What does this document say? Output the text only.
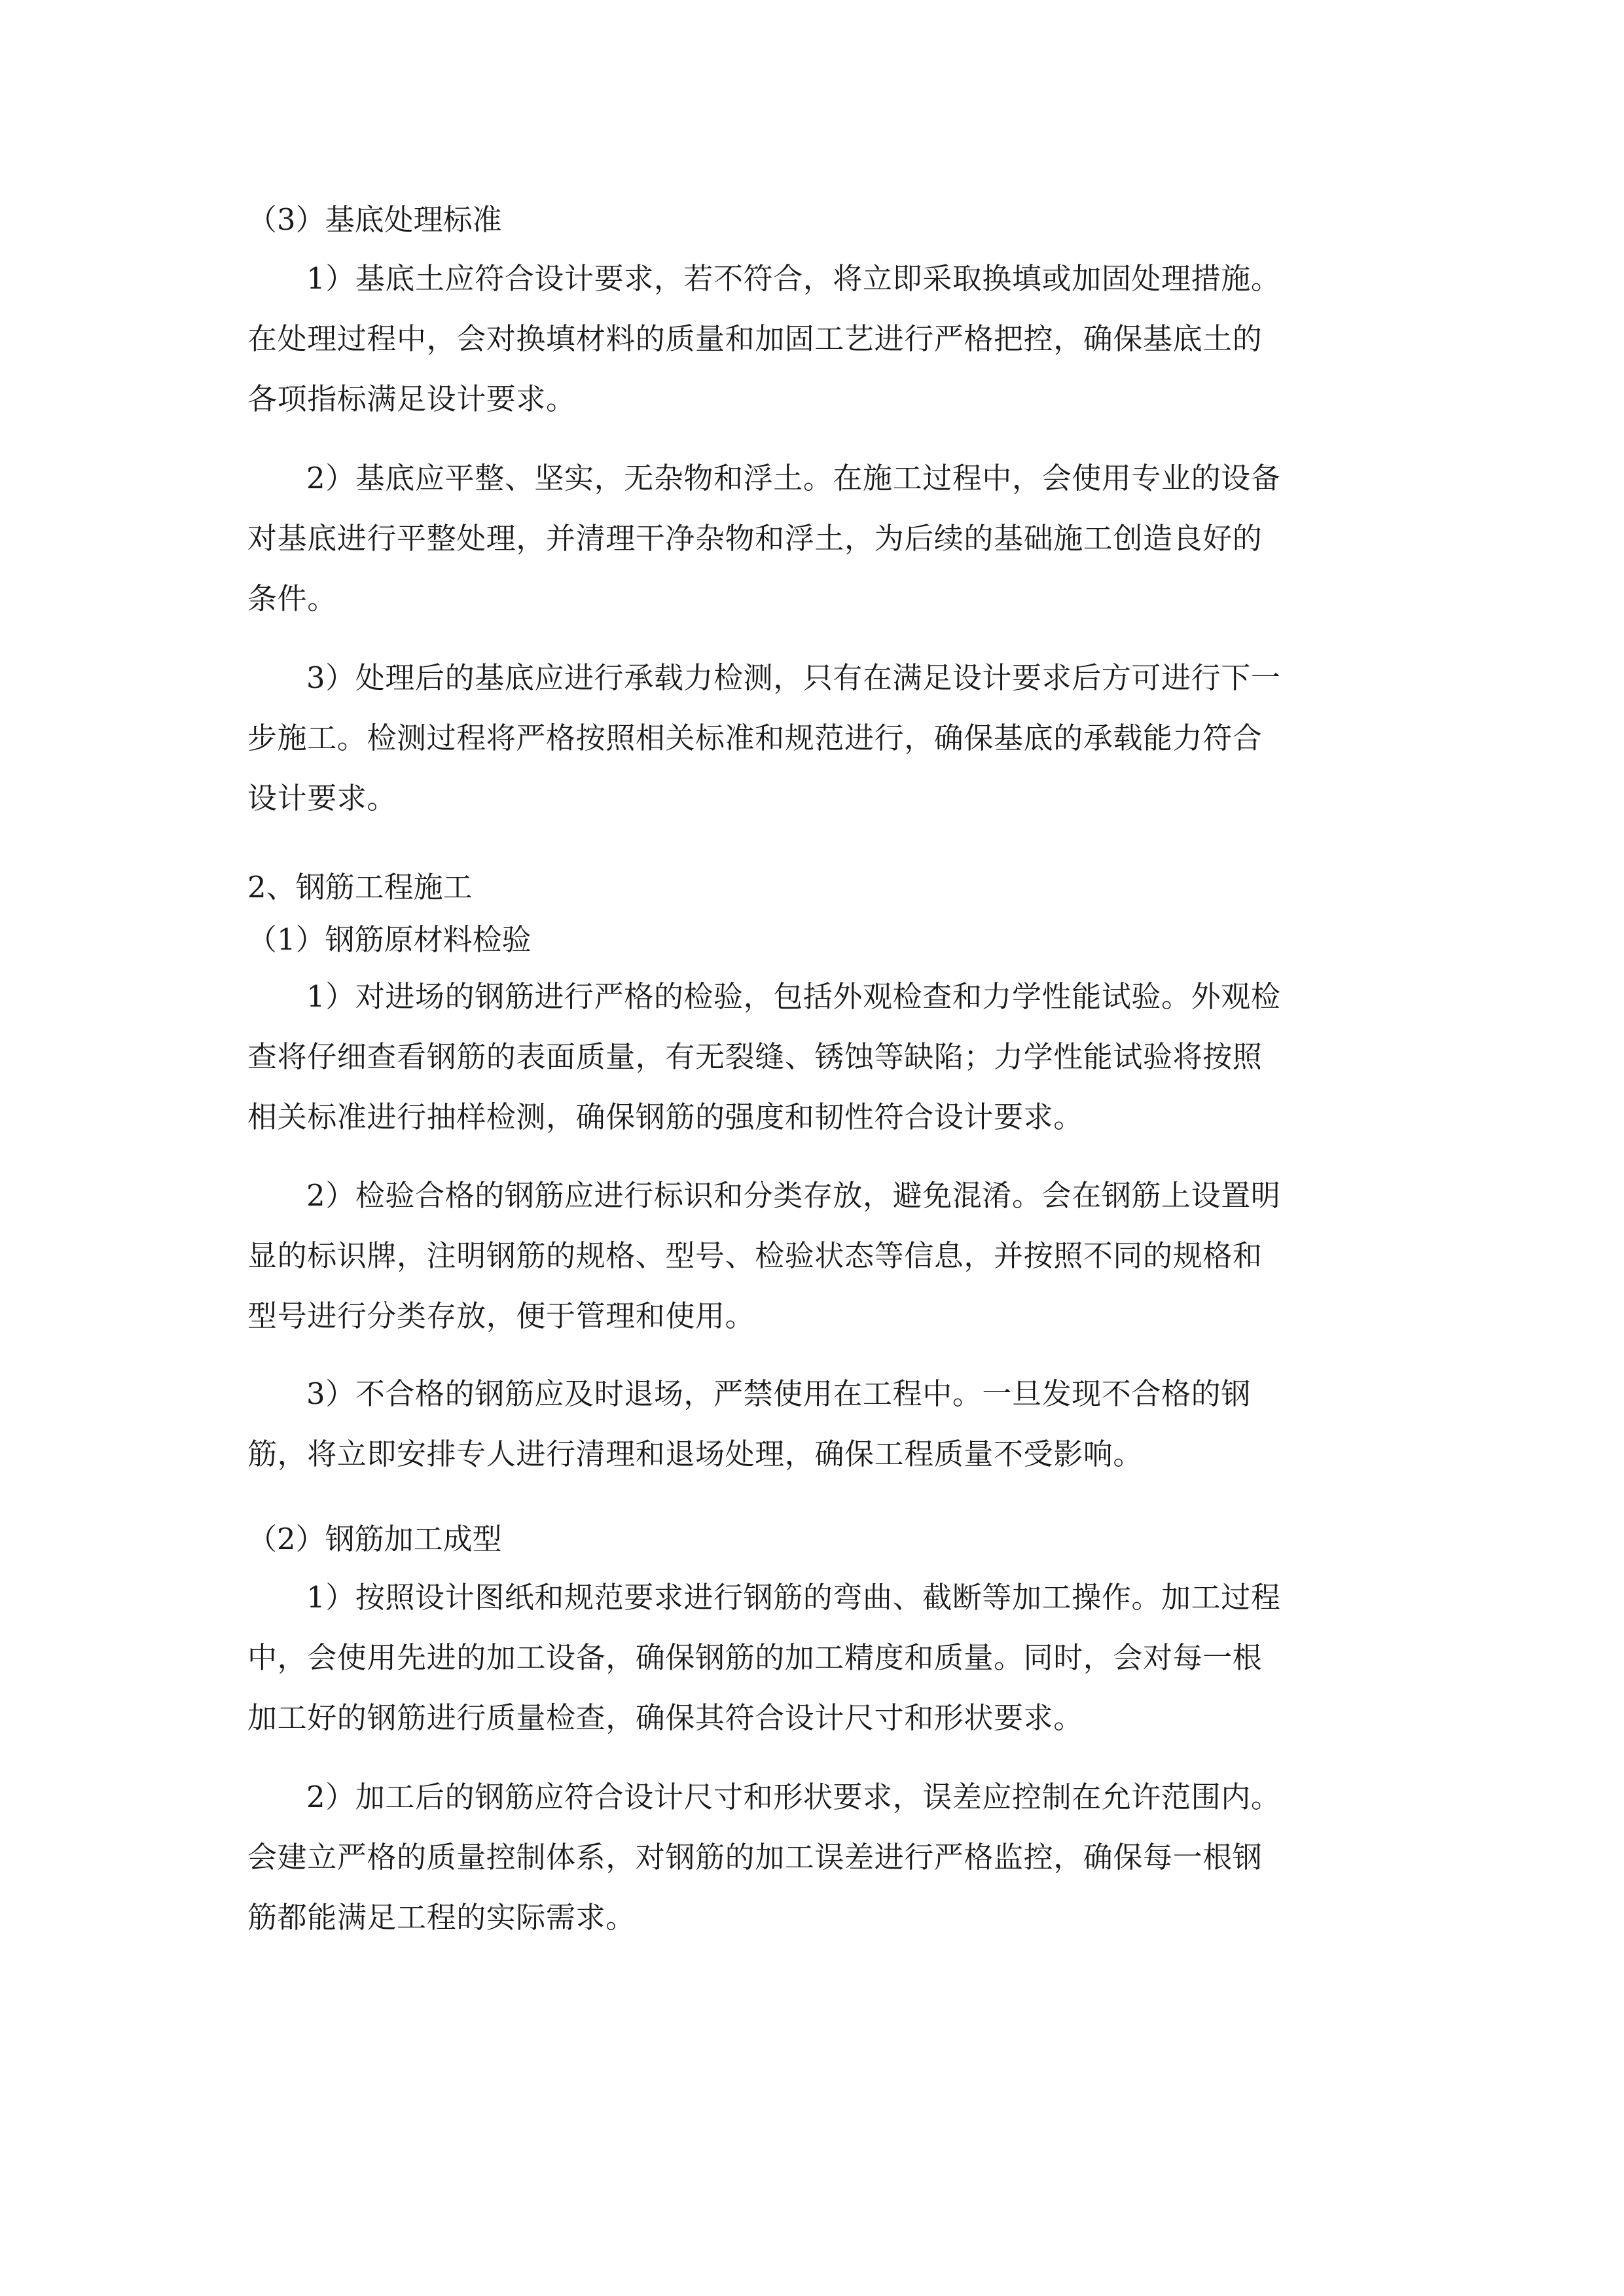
（3）基底处理标准

1）基底土应符合设计要求，若不符合，将立即采取换填或加固处理措施。
在处理过程中，会对换填材料的质量和加固工艺进行严格把控，确保基底土的
各项指标满足设计要求。

2）基底应平整、坚实，无杂物和浮土。在施工过程中，会使用专业的设备
对基底进行平整处理，并清理干净杂物和浮土，为后续的基础施工创造良好的
条件。

3）处理后的基底应进行承载力检测，只有在满足设计要求后方可进行下一
步施工。检测过程将严格按照相关标准和规范进行，确保基底的承载能力符合
设计要求。

2、钢筋工程施工
（1）钢筋原材料检验

1）对进场的钢筋进行严格的检验，包括外观检查和力学性能试验。外观检
查将仔细查看钢筋的表面质量，有无裂缝、锈蚀等缺陷；力学性能试验将按照
相关标准进行抽样检测，确保钢筋的强度和韧性符合设计要求。

2）检验合格的钢筋应进行标识和分类存放，避免混淆。会在钢筋上设置明
显的标识牌，注明钢筋的规格、型号、检验状态等信息，并按照不同的规格和
型号进行分类存放，便于管理和使用。

3）不合格的钢筋应及时退场，严禁使用在工程中。一旦发现不合格的钢
筋，将立即安排专人进行清理和退场处理，确保工程质量不受影响。

（2）钢筋加工成型

1）按照设计图纸和规范要求进行钢筋的弯曲、截断等加工操作。加工过程
中，会使用先进的加工设备，确保钢筋的加工精度和质量。同时，会对每一根
加工好的钢筋进行质量检查，确保其符合设计尺寸和形状要求。

2）加工后的钢筋应符合设计尺寸和形状要求，误差应控制在允许范围内。
会建立严格的质量控制体系，对钢筋的加工误差进行严格监控，确保每一根钢
筋都能满足工程的实际需求。
